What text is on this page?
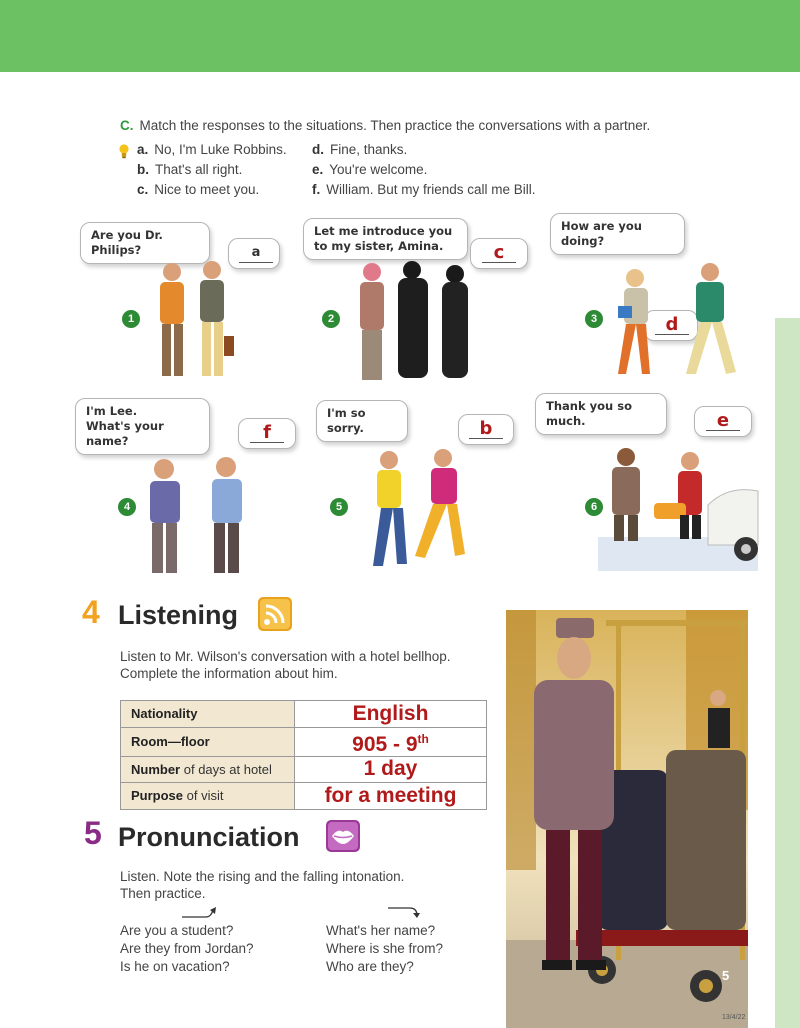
C. Match the responses to the situations. Then practice the conversations with a partner.
a. No, I'm Luke Robbins.
b. That's all right.
c. Nice to meet you.
d. Fine, thanks.
e. You're welcome.
f. William. But my friends call me Bill.
Are you Dr. Philips?	a
1
Let me introduce you
to my sister, Amina.	c
2
How are you doing?
d
3
I'm Lee.
What's your name?	f
4
I'm so sorry.	b
5
Thank you so much.	e
6
4 Listening
Listen to Mr. Wilson's conversation with a hotel bellhop.
Complete the information about him.
Nationality	English
Room—floor	905 - 9th
Number of days at hotel	1 day
Purpose of visit	for a meeting
5 Pronunciation
Listen. Note the rising and the falling intonation.
Then practice.
Are you a student?
Are they from Jordan?
Is he on vacation?
What's her name?
Where is she from?
Who are they?
5
13/4/22
